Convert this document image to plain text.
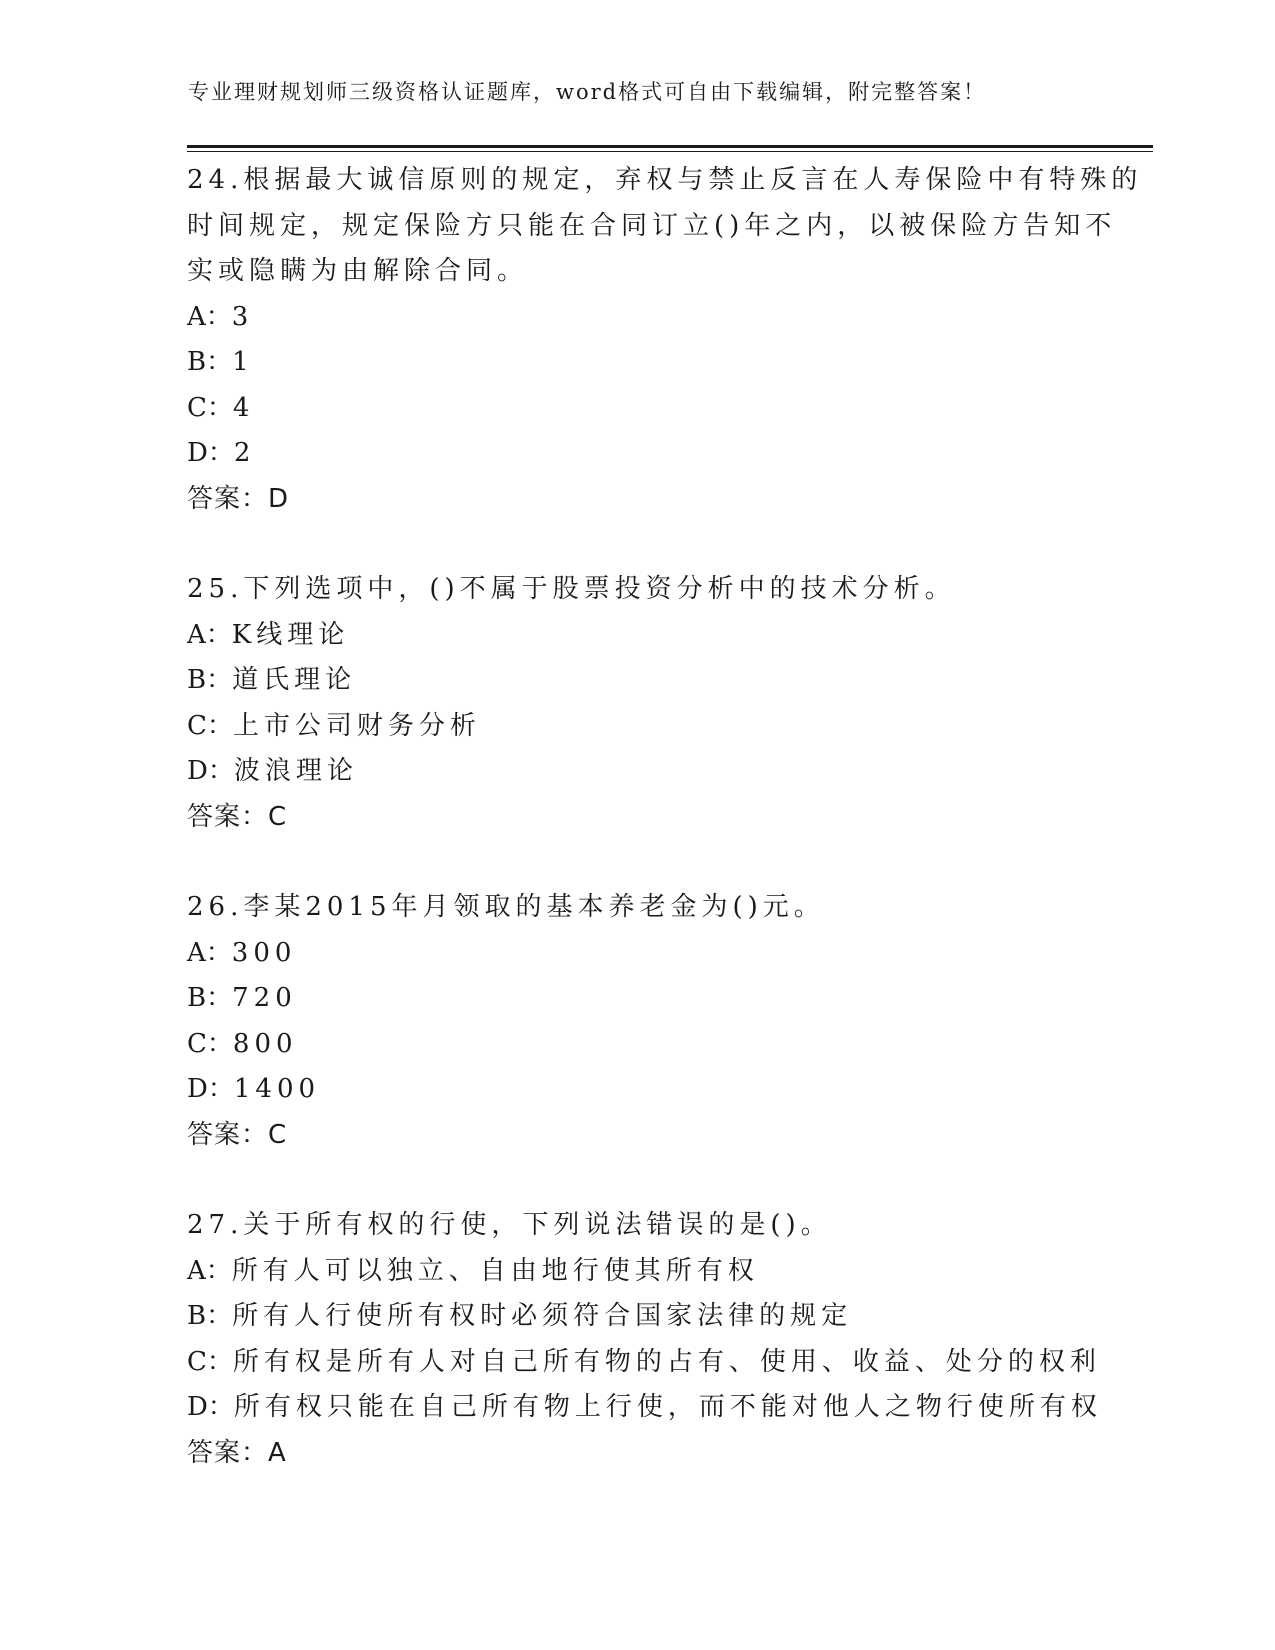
专业理财规划师三级资格认证题库，word格式可自由下载编辑，附完整答案！
24.根据最大诚信原则的规定，弃权与禁止反言在人寿保险中有特殊的
时间规定，规定保险方只能在合同订立()年之内，以被保险方告知不
实或隐瞒为由解除合同。
A：3
B：1
C：4
D：2
答案：D
25.下列选项中，()不属于股票投资分析中的技术分析。
A：K线理论
B：道氏理论
C：上市公司财务分析
D：波浪理论
答案：C
26.李某2015年月领取的基本养老金为()元。
A：300
B：720
C：800
D：1400
答案：C
27.关于所有权的行使，下列说法错误的是()。
A：所有人可以独立、自由地行使其所有权
B：所有人行使所有权时必须符合国家法律的规定
C：所有权是所有人对自己所有物的占有、使用、收益、处分的权利
D：所有权只能在自己所有物上行使，而不能对他人之物行使所有权
答案：A
